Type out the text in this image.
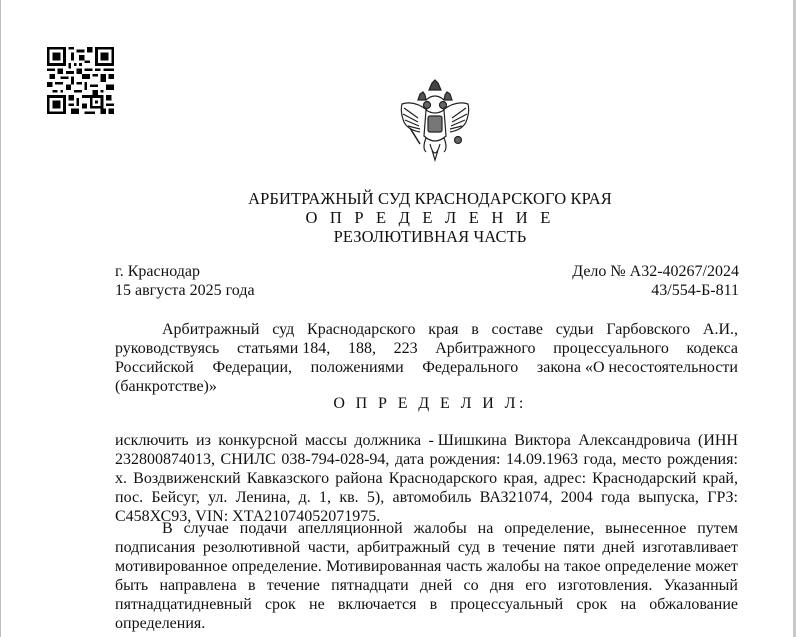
АРБИТРАЖНЫЙ СУД КРАСНОДАРСКОГО КРАЯ
О П Р Е Д Е Л Е Н И Е
РЕЗОЛЮТИВНАЯ ЧАСТЬ
г. Краснодар
15 августа 2025 года
Дело № А32-40267/2024
43/554-Б-811
Арбитражный суд Краснодарского края в составе судьи Гарбовского А.И.,
руководствуясь статьями 184, 188, 223 Арбитражного процессуального кодекса
Российской Федерации, положениями Федерального закона «О несостоятельности
(банкротстве)»
О П Р Е Д Е Л И Л:
исключить из конкурсной массы должника - Шишкина Виктора Александровича (ИНН
232800874013, СНИЛС 038-794-028-94, дата рождения: 14.09.1963 года, место рождения:
х. Воздвиженский Кавказского района Краснодарского края, адрес: Краснодарский край,
пос. Бейсуг, ул. Ленина, д. 1, кв. 5), автомобиль ВАЗ21074, 2004 года выпуска, ГРЗ:
С458ХС93, VIN: ХТА21074052071975.
В случае подачи апелляционной жалобы на определение, вынесенное путем
подписания резолютивной части, арбитражный суд в течение пяти дней изготавливает
мотивированное определение. Мотивированная часть жалобы на такое определение может
быть направлена в течение пятнадцати дней со дня его изготовления. Указанный
пятнадцатидневный срок не включается в процессуальный срок на обжалование
определения.
